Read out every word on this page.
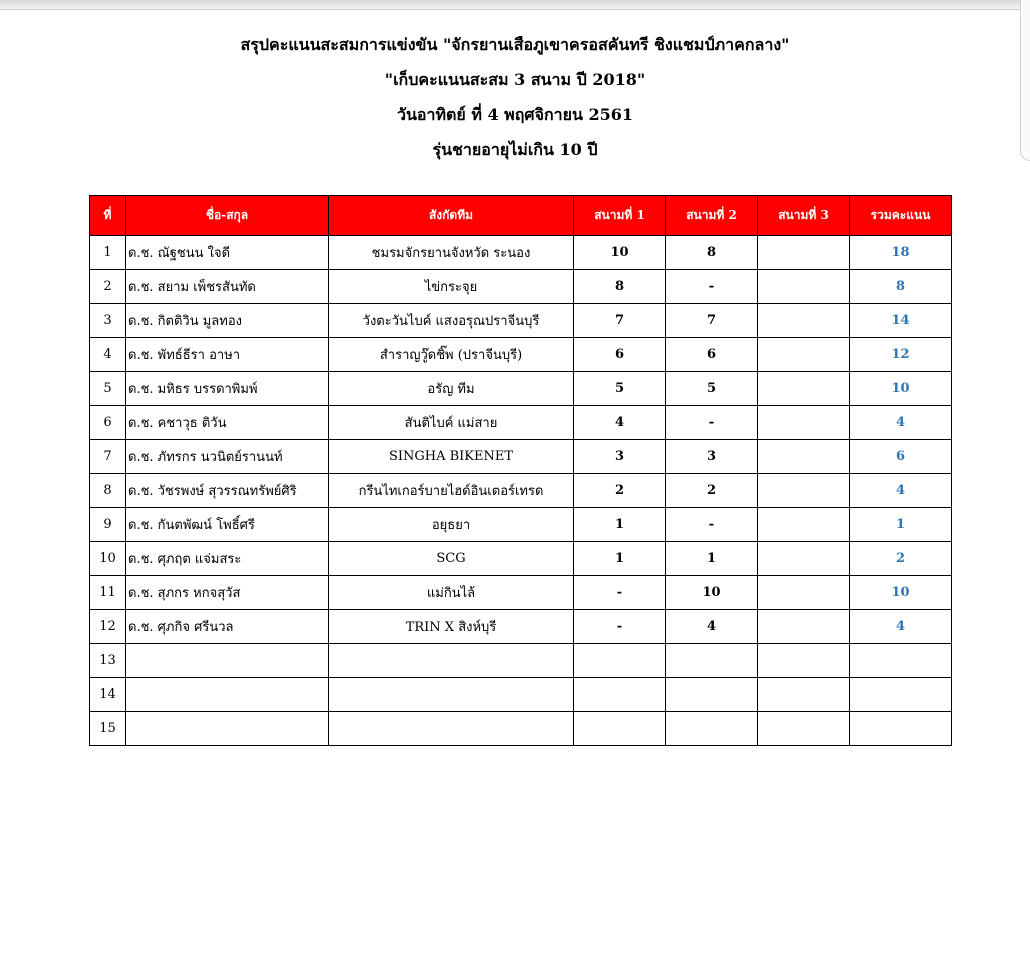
สรุปคะแนนสะสมการแข่งขัน "จักรยานเสือภูเขาครอสคันทรี ชิงแชมป์ภาคกลาง"
"เก็บคะแนนสะสม 3 สนาม ปี 2018"
วันอาทิตย์ ที่ 4 พฤศจิกายน 2561
รุ่นชายอายุไม่เกิน 10 ปี
ที่	ชื่อ-สกุล	สังกัดทีม	สนามที่ 1	สนามที่ 2	สนามที่ 3	รวมคะแนน
1	ด.ช. ณัฐชนน ใจดี	ชมรมจักรยานจังหวัด ระนอง	10	8		18
2	ด.ช. สยาม เพ็ชรสันทัด	ไข่กระจุย	8	-		8
3	ด.ช. กิตติวิน มูลทอง	วังตะวันไบค์ แสงอรุณปราจีนบุรี	7	7		14
4	ด.ช. พัทธ์ธีรา อาษา	สำราญวู๊ดชิ๊พ (ปราจีนบุรี)	6	6		12
5	ด.ช. มหิธร บรรดาพิมพ์	อรัญ ทีม	5	5		10
6	ด.ช. คชาวุธ ติวัน	สันติไบค์ แม่สาย	4	-		4
7	ด.ช. ภัทรกร นวนิตย์รานนท์	SINGHA BIKENET	3	3		6
8	ด.ช. วัชรพงษ์ สุวรรณทรัพย์ศิริ	กรีนไทเกอร์บายไฮด์อินเตอร์เทรด	2	2		4
9	ด.ช. กันตพัฒน์ โพธิ์ศรี	อยุธยา	1	-		1
10	ด.ช. ศุภฤต แจ่มสระ	SCG	1	1		2
11	ด.ช. สุภกร หกจสุวัส	แม่กินไล้	-	10		10
12	ด.ช. ศุภกิจ ศรีนวล	TRIN X สิงห์บุรี	-	4		4
13						
14						
15						
